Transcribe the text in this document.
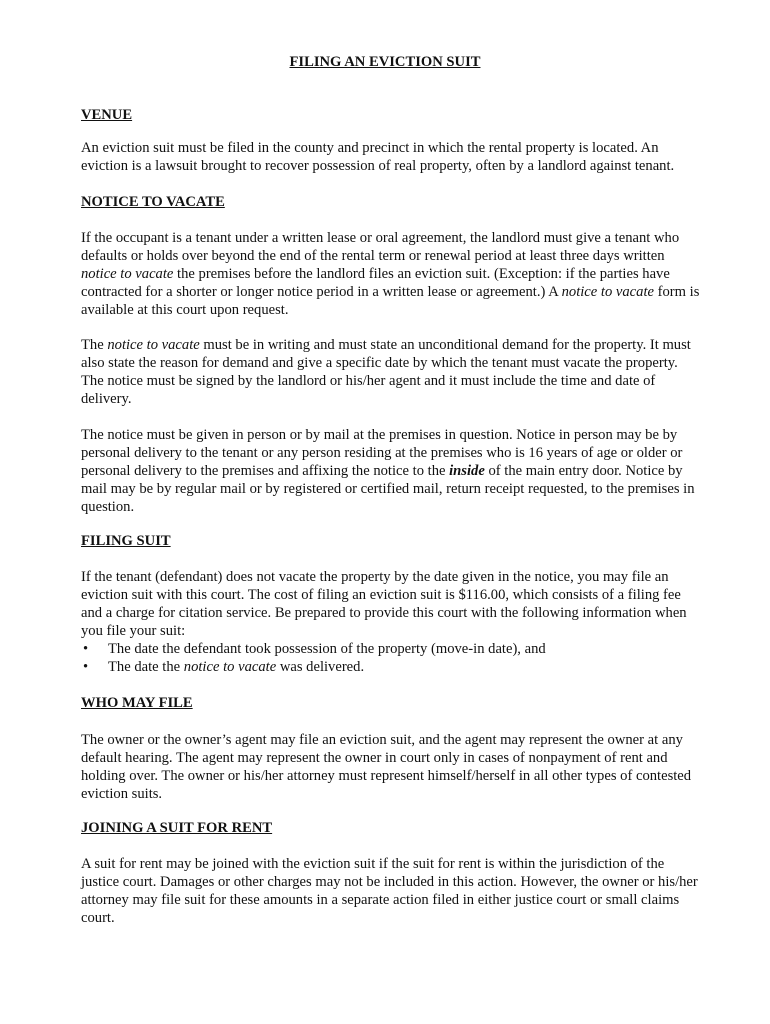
FILING AN EVICTION SUIT
VENUE

An eviction suit must be filed in the county and precinct in which the rental property is located. An eviction is a lawsuit brought to recover possession of real property, often by a landlord against tenant.

NOTICE TO VACATE

If the occupant is a tenant under a written lease or oral agreement, the landlord must give a tenant who defaults or holds over beyond the end of the rental term or renewal period at least three days written notice to vacate the premises before the landlord files an eviction suit. (Exception: if the parties have contracted for a shorter or longer notice period in a written lease or agreement.) A notice to vacate form is available at this court upon request.

The notice to vacate must be in writing and must state an unconditional demand for the property. It must also state the reason for demand and give a specific date by which the tenant must vacate the property. The notice must be signed by the landlord or his/her agent and it must include the time and date of delivery.

The notice must be given in person or by mail at the premises in question. Notice in person may be by personal delivery to the tenant or any person residing at the premises who is 16 years of age or older or personal delivery to the premises and affixing the notice to the inside of the main entry door. Notice by mail may be by regular mail or by registered or certified mail, return receipt requested, to the premises in question.

FILING SUIT

If the tenant (defendant) does not vacate the property by the date given in the notice, you may file an eviction suit with this court. The cost of filing an eviction suit is $116.00, which consists of a filing fee and a charge for citation service. Be prepared to provide this court with the following information when you file your suit:

• The date the defendant took possession of the property (move-in date), and
• The date the notice to vacate was delivered.
WHO MAY FILE

The owner or the owner’s agent may file an eviction suit, and the agent may represent the owner at any default hearing. The agent may represent the owner in court only in cases of nonpayment of rent and holding over. The owner or his/her attorney must represent himself/herself in all other types of contested eviction suits.

JOINING A SUIT FOR RENT

A suit for rent may be joined with the eviction suit if the suit for rent is within the jurisdiction of the justice court. Damages or other charges may not be included in this action. However, the owner or his/her attorney may file suit for these amounts in a separate action filed in either justice court or small claims court.
